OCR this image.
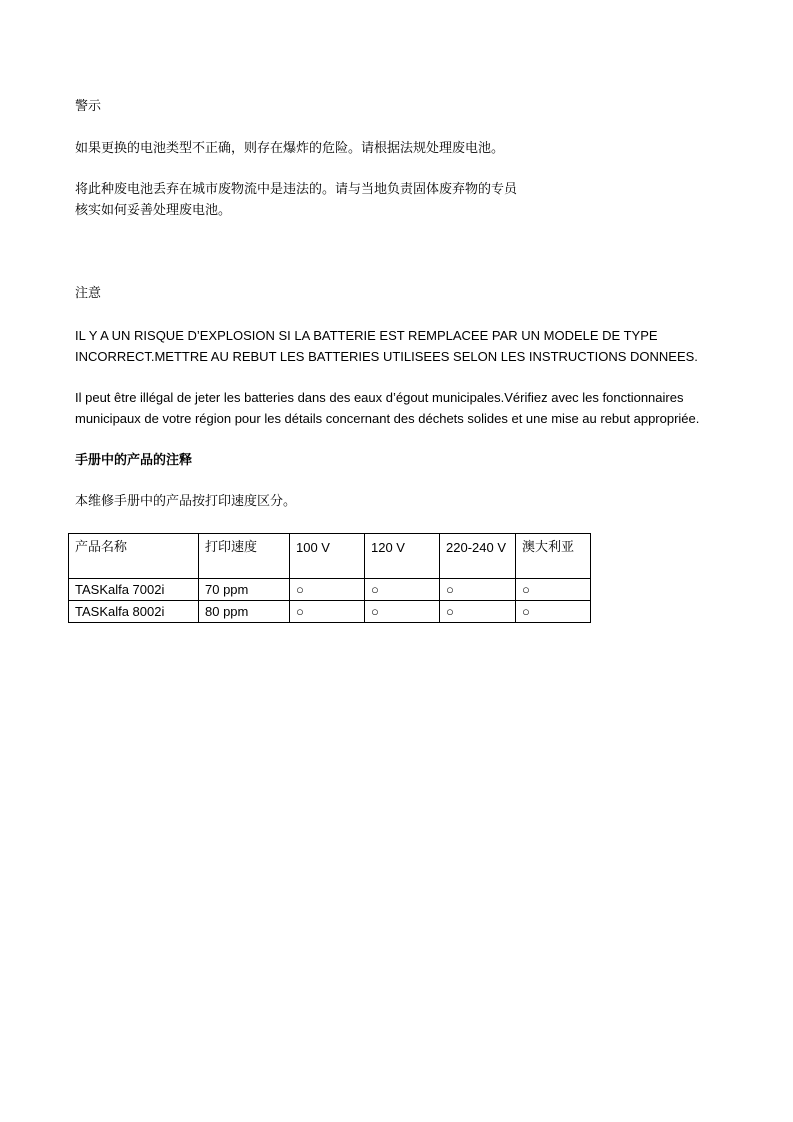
警示

如果更换的电池类型不正确，则存在爆炸的危险。请根据法规处理废电池。

将此种废电池丢弃在城市废物流中是违法的。请与当地负责固体废弃物的专员
核实如何妥善处理废电池。

注意

IL Y A UN RISQUE D’EXPLOSION SI LA BATTERIE EST REMPLACEE PAR UN MODELE DE TYPE
INCORRECT.METTRE AU REBUT LES BATTERIES UTILISEES SELON LES INSTRUCTIONS DONNEES.

Il peut être illégal de jeter les batteries dans des eaux d’égout municipales.Vérifiez avec les fonctionnaires
municipaux de votre région pour les détails concernant des déchets solides et une mise au rebut appropriée.

手册中的产品的注释

本维修手册中的产品按打印速度区分。

产品名称	打印速度	100 V	120 V	220-240 V	澳大利亚
TASKalfa 7002i	70 ppm	○	○	○	○
TASKalfa 8002i	80 ppm	○	○	○	○
